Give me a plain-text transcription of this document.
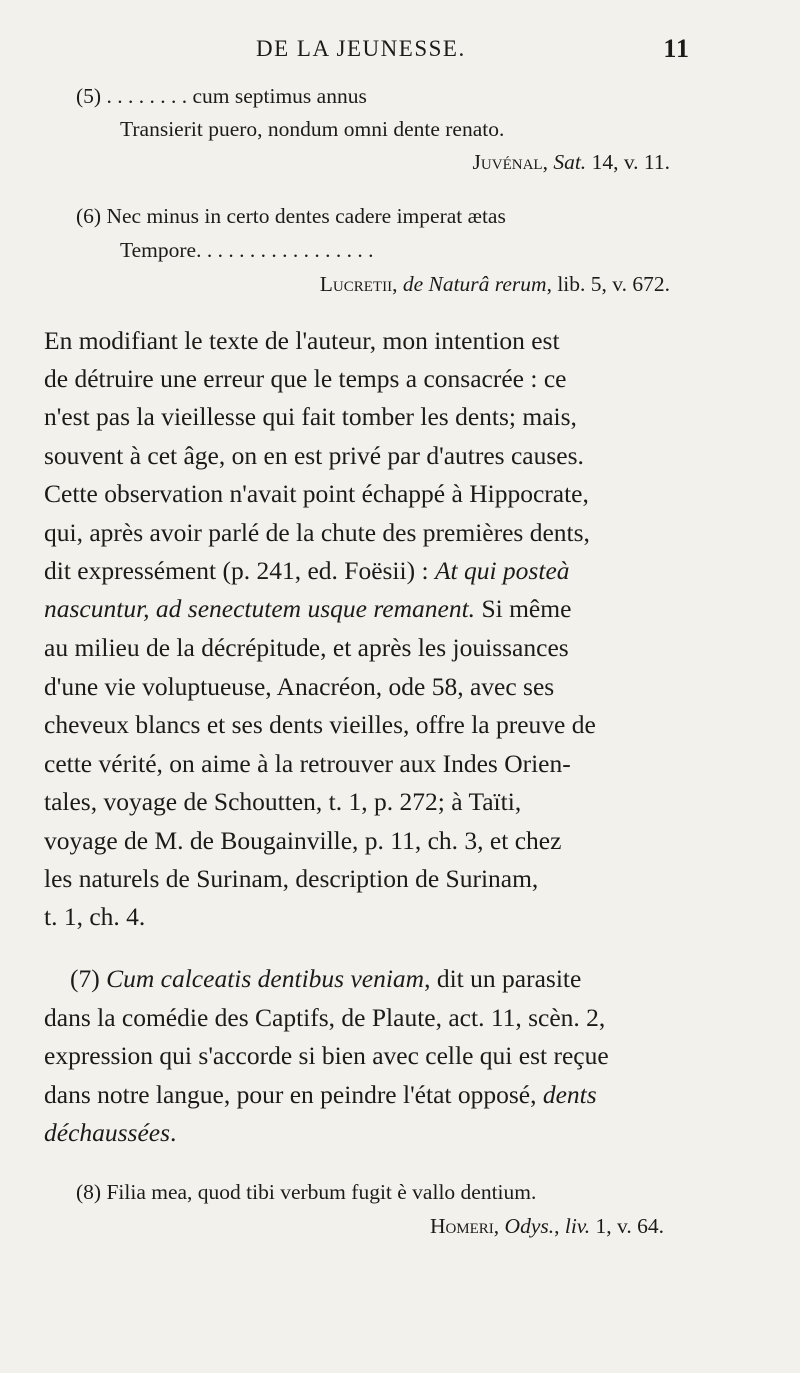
DE LA JEUNESSE.	11
(5) . . . . . . . . cum septimus annus
Transierit puero, nondum omni dente renato.
Juvénal, Sat. 14, v. 11.
(6) Nec minus in certo dentes cadere imperat ætas
Tempore. . . . . . . . . . . . . . . . .
Lucretii, de Naturâ rerum, lib. 5, v. 672.
En modifiant le texte de l'auteur, mon intention est
de détruire une erreur que le temps a consacrée : ce
n'est pas la vieillesse qui fait tomber les dents; mais,
souvent à cet âge, on en est privé par d'autres causes.
Cette observation n'avait point échappé à Hippocrate,
qui, après avoir parlé de la chute des premières dents,
dit expressément (p. 241, ed. Foësii) : At qui posteà
nascuntur, ad senectutem usque remanent. Si même
au milieu de la décrépitude, et après les jouissances
d'une vie voluptueuse, Anacréon, ode 58, avec ses
cheveux blancs et ses dents vieilles, offre la preuve de
cette vérité, on aime à la retrouver aux Indes Orien-
tales, voyage de Schoutten, t. 1, p. 272; à Taïti,
voyage de M. de Bougainville, p. 11, ch. 3, et chez
les naturels de Surinam, description de Surinam,
t. 1, ch. 4.
(7) Cum calceatis dentibus veniam, dit un parasite
dans la comédie des Captifs, de Plaute, act. 11, scèn. 2,
expression qui s'accorde si bien avec celle qui est reçue
dans notre langue, pour en peindre l'état opposé, dents
déchaussées.
(8) Filia mea, quod tibi verbum fugit è vallo dentium.
Homeri, Odys., liv. 1, v. 64.
